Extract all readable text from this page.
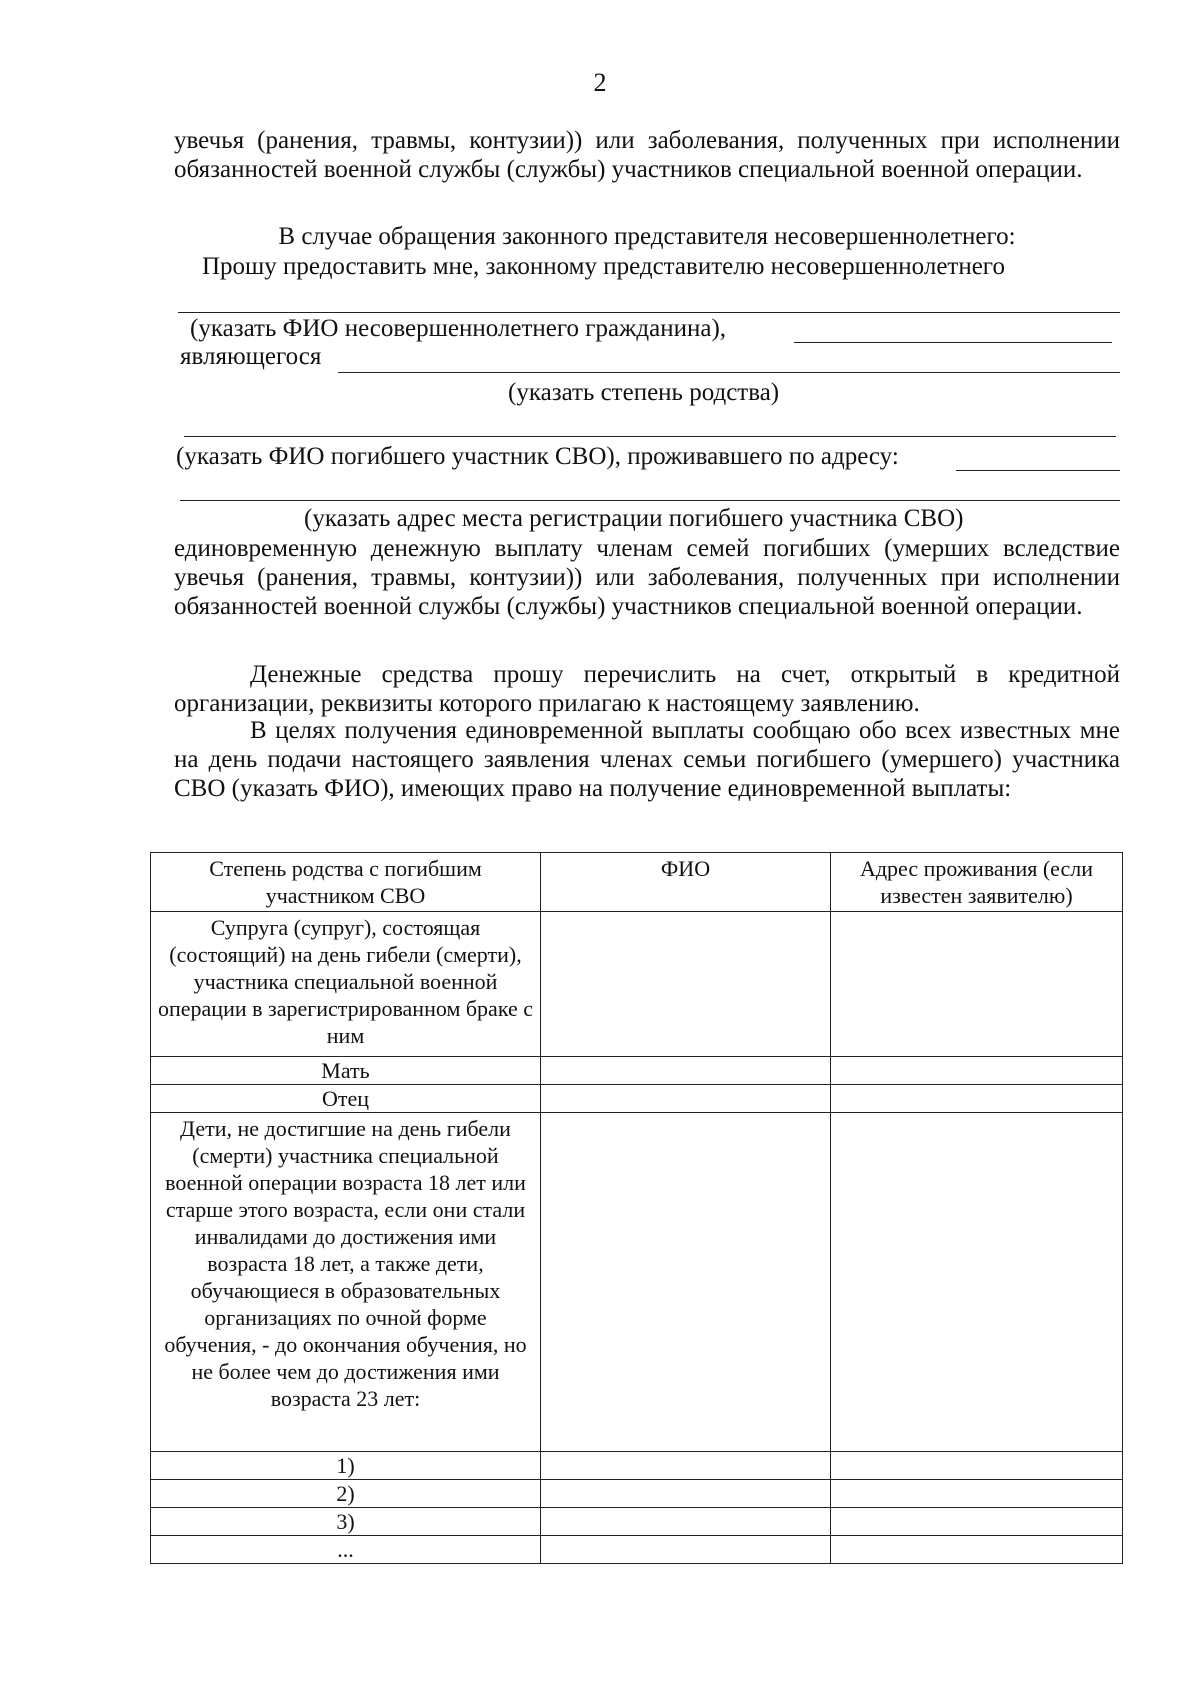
2
увечья (ранения, травмы, контузии)) или заболевания, полученных при исполнении обязанностей военной службы (службы) участников специальной военной операции.
В случае обращения законного представителя несовершеннолетнего:
Прошу предоставить мне, законному представителю несовершеннолетнего
(указать ФИО несовершеннолетнего гражданина),
являющегося
(указать степень родства)
(указать ФИО погибшего участник СВО), проживавшего по адресу:
(указать адрес места регистрации погибшего участника СВО)
единовременную денежную выплату членам семей погибших (умерших вследствие увечья (ранения, травмы, контузии)) или заболевания, полученных при исполнении обязанностей военной службы (службы) участников специальной военной операции.
Денежные средства прошу перечислить на счет, открытый в кредитной организации, реквизиты которого прилагаю к настоящему заявлению.
В целях получения единовременной выплаты сообщаю обо всех известных мне на день подачи настоящего заявления членах семьи погибшего (умершего) участника СВО (указать ФИО), имеющих право на получение единовременной выплаты:
Степень родства с погибшим участником СВО	ФИО	Адрес проживания (если известен заявителю)
Супруга (супруг), состоящая (состоящий) на день гибели (смерти), участника специальной военной операции в зарегистрированном браке с ним		
Мать		
Отец		
Дети, не достигшие на день гибели (смерти) участника специальной военной операции возраста 18 лет или старше этого возраста, если они стали инвалидами до достижения ими возраста 18 лет, а также дети, обучающиеся в образовательных организациях по очной форме обучения, - до окончания обучения, но не более чем до достижения ими возраста 23 лет:		
1)		
2)		
3)		
...		
